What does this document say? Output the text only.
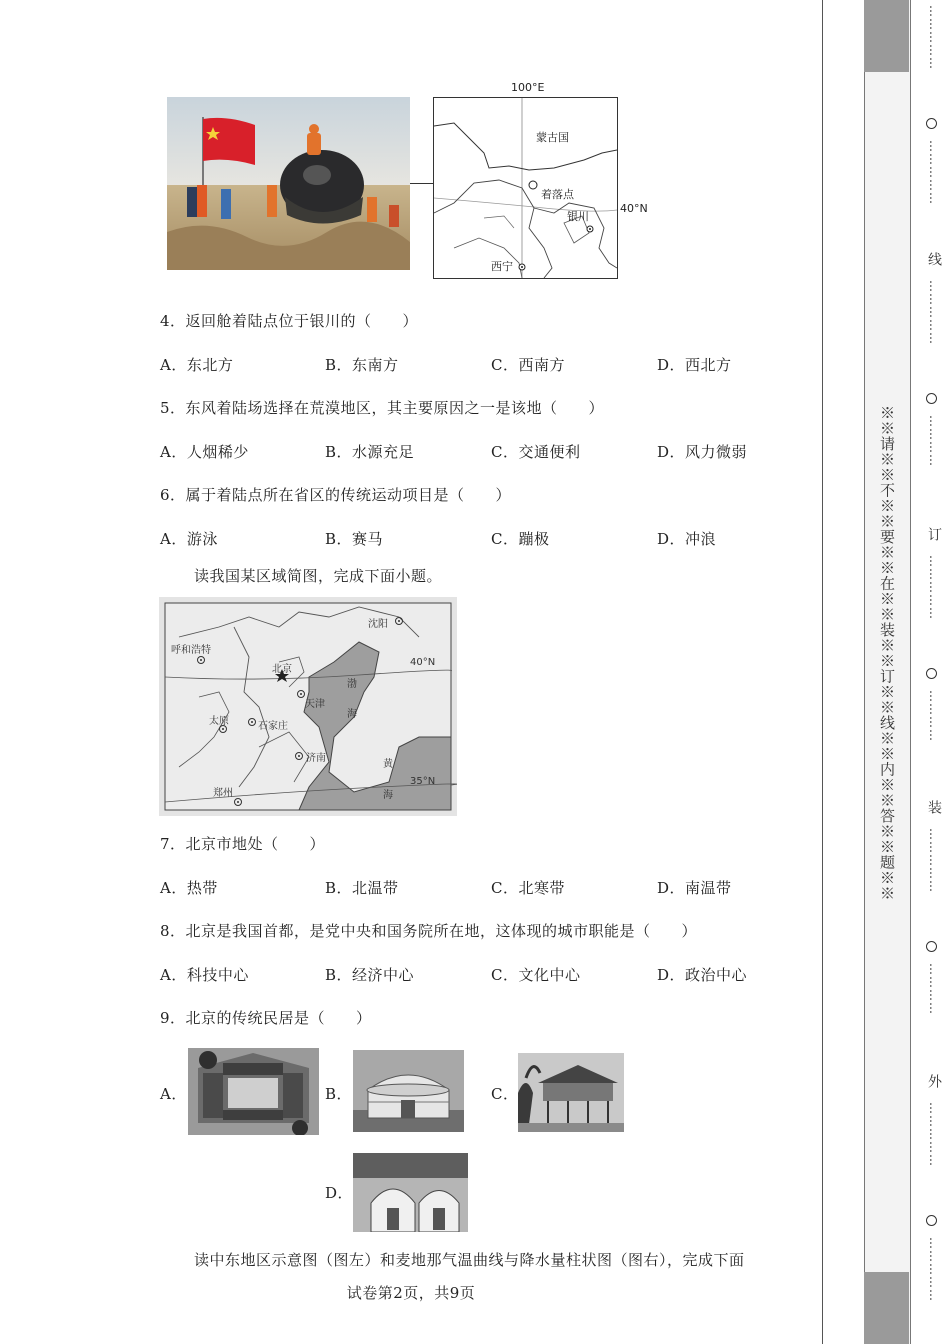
蒙古国
着落点
银川
西宁
100°E
40°N
4．返回舱着陆点位于银川的（　　）
A．东北方	B．东南方	C．西南方	D．西北方
5．东风着陆场选择在荒漠地区，其主要原因之一是该地（　　）
A．人烟稀少	B．水源充足	C．交通便利	D．风力微弱
6．属于着陆点所在省区的传统运动项目是（　　）
A．游泳	B．赛马	C．蹦极	D．冲浪
读我国某区域简图，完成下面小题。
沈阳
呼和浩特
北京
天津
渤
海
太原	石家庄
济南
黄
海
郑州
40°N
35°N
7．北京市地处（　　）
A．热带	B．北温带	C．北寒带	D．南温带
8．北京是我国首都，是党中央和国务院所在地，这体现的城市职能是（　　）
A．科技中心	B．经济中心	C．文化中心	D．政治中心
9．北京的传统民居是（　　）
A．	B．	C．
D．
读中东地区示意图（图左）和麦地那气温曲线与降水量柱状图（图右），完成下面
试卷第2页，共9页
※※请※※不※※要※※在※※装※※订※※线※※内※※答※※题※※
⋯⋯⋯⋯⋯
⋯⋯⋯⋯⋯
线
⋯⋯⋯⋯⋯
⋯⋯⋯⋯
订
⋯⋯⋯⋯⋯
⋯⋯⋯⋯
装
⋯⋯⋯⋯⋯
⋯⋯⋯⋯
外
⋯⋯⋯⋯⋯
⋯⋯⋯⋯⋯
